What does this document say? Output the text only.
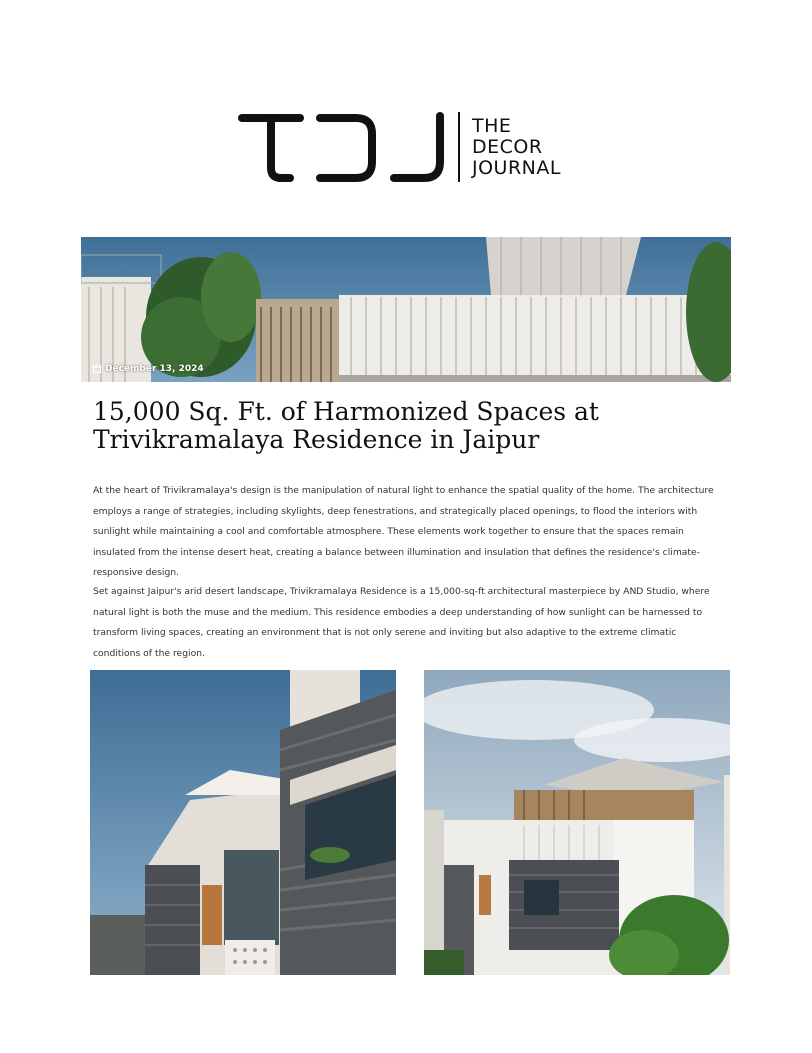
THE
DECOR
JOURNAL
December 13, 2024
15,000 Sq. Ft. of Harmonized Spaces at Trivikramalaya Residence in Jaipur

At the heart of Trivikramalaya's design is the manipulation of natural light to enhance the spatial quality of the home. The architecture employs a range of strategies, including skylights, deep fenestrations, and strategically placed openings, to flood the interiors with sunlight while maintaining a cool and comfortable atmosphere. These elements work together to ensure that the spaces remain insulated from the intense desert heat, creating a balance between illumination and insulation that defines the residence's climate-responsive design.

Set against Jaipur's arid desert landscape, Trivikramalaya Residence is a 15,000-sq-ft architectural masterpiece by AND Studio, where natural light is both the muse and the medium. This residence embodies a deep understanding of how sunlight can be harnessed to transform living spaces, creating an environment that is not only serene and inviting but also adaptive to the extreme climatic conditions of the region.
